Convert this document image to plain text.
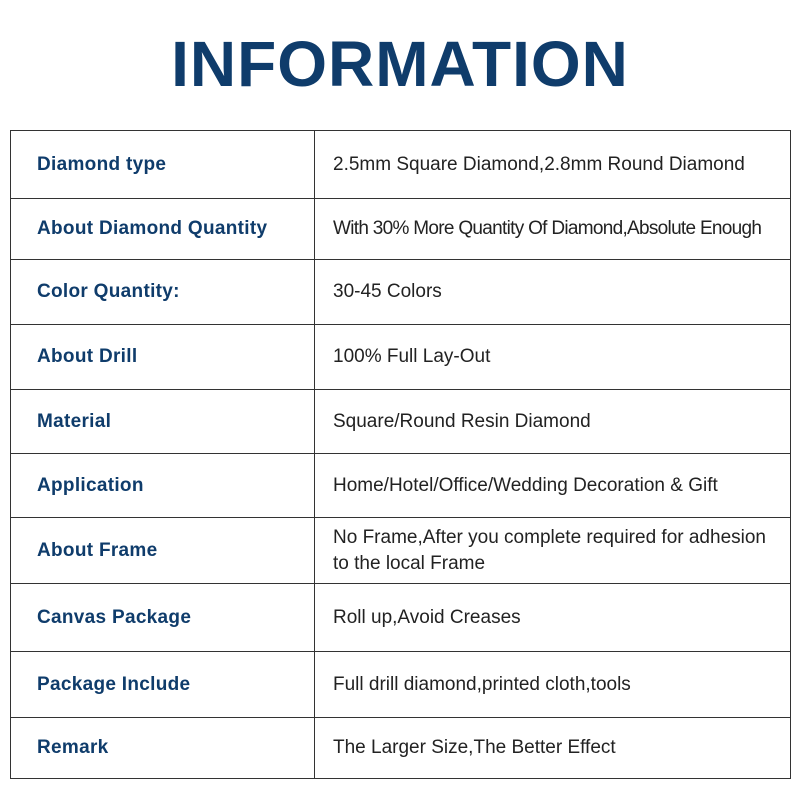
INFORMATION
Diamond type	2.5mm Square Diamond,2.8mm Round Diamond
About Diamond Quantity	With 30% More Quantity Of Diamond,Absolute Enough
Color Quantity:	30-45 Colors
About Drill	100% Full Lay-Out
Material	Square/Round Resin Diamond
Application	Home/Hotel/Office/Wedding Decoration & Gift
About Frame	No Frame,After you complete required for adhesion to the local Frame
Canvas Package	Roll up,Avoid Creases
Package Include	Full drill diamond,printed cloth,tools
Remark	The Larger Size,The Better Effect
